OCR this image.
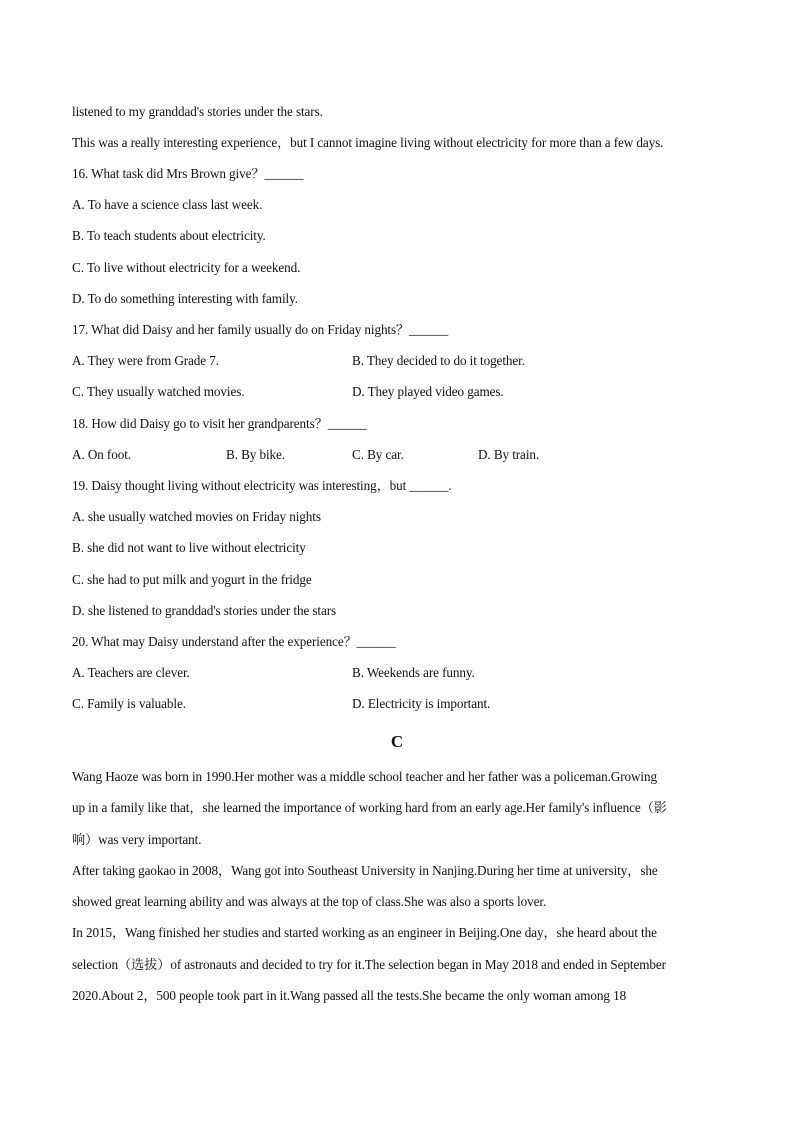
listened to my granddad's stories under the stars.
This was a really interesting experience，but I cannot imagine living without electricity for more than a few days.
16. What task did Mrs Brown give？______
A. To have a science class last week.
B. To teach students about electricity.
C. To live without electricity for a weekend.
D. To do something interesting with family.
17. What did Daisy and her family usually do on Friday nights？______
A. They were from Grade 7.	B. They decided to do it together.
C. They usually watched movies.	D. They played video games.
18. How did Daisy go to visit her grandparents？______
A. On foot.	B. By bike.	C. By car.	D. By train.
19. Daisy thought living without electricity was interesting，but ______.
A. she usually watched movies on Friday nights
B. she did not want to live without electricity
C. she had to put milk and yogurt in the fridge
D. she listened to granddad's stories under the stars
20. What may Daisy understand after the experience？______
A. Teachers are clever.	B. Weekends are funny.
C. Family is valuable.	D. Electricity is important.
C
Wang Haoze was born in 1990.Her mother was a middle school teacher and her father was a policeman.Growing
up in a family like that，she learned the importance of working hard from an early age.Her family's influence（影
响）was very important.
After taking gaokao in 2008，Wang got into Southeast University in Nanjing.During her time at university，she
showed great learning ability and was always at the top of class.She was also a sports lover.
In 2015，Wang finished her studies and started working as an engineer in Beijing.One day，she heard about the
selection（选拔）of astronauts and decided to try for it.The selection began in May 2018 and ended in September
2020.About 2，500 people took part in it.Wang passed all the tests.She became the only woman among 18
